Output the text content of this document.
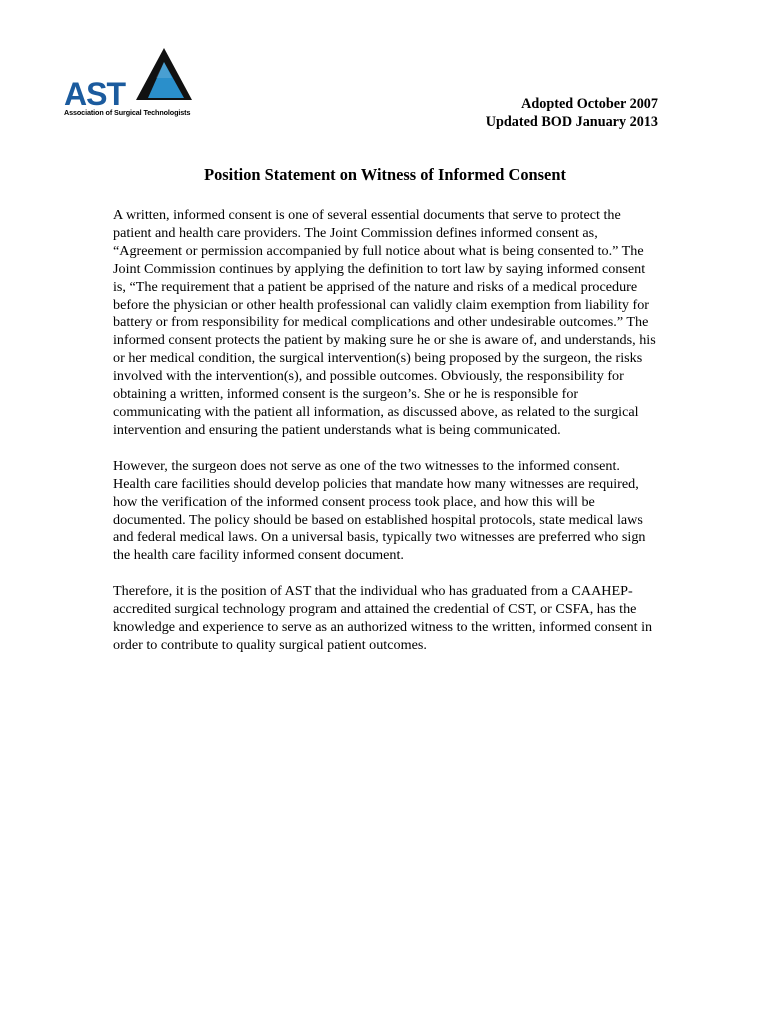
AST
Association of Surgical Technologists
Adopted October 2007
Updated BOD January 2013
Position Statement on Witness of Informed Consent

A written, informed consent is one of several essential documents that serve to protect the patient and health care providers. The Joint Commission defines informed consent as, “Agreement or permission accompanied by full notice about what is being consented to.” The Joint Commission continues by applying the definition to tort law by saying informed consent is, “The requirement that a patient be apprised of the nature and risks of a medical procedure before the physician or other health professional can validly claim exemption from liability for battery or from responsibility for medical complications and other undesirable outcomes.” The informed consent protects the patient by making sure he or she is aware of, and understands, his or her medical condition, the surgical intervention(s) being proposed by the surgeon, the risks involved with the intervention(s), and possible outcomes. Obviously, the responsibility for obtaining a written, informed consent is the surgeon’s. She or he is responsible for communicating with the patient all information, as discussed above, as related to the surgical intervention and ensuring the patient understands what is being communicated.

However, the surgeon does not serve as one of the two witnesses to the informed consent. Health care facilities should develop policies that mandate how many witnesses are required, how the verification of the informed consent process took place, and how this will be documented. The policy should be based on established hospital protocols, state medical laws and federal medical laws. On a universal basis, typically two witnesses are preferred who sign the health care facility informed consent document.

Therefore, it is the position of AST that the individual who has graduated from a CAAHEP-accredited surgical technology program and attained the credential of CST, or CSFA, has the knowledge and experience to serve as an authorized witness to the written, informed consent in order to contribute to quality surgical patient outcomes.
